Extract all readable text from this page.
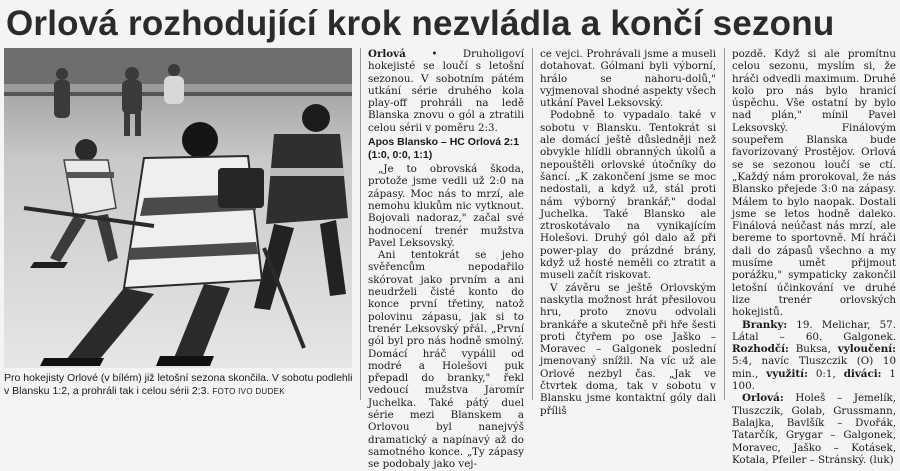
Orlová rozhodující krok nezvládla a končí sezonu
Pro hokejisty Orlové (v bílém) již letošní sezona skončila. V sobotu podlehli v Blansku 1:2, a prohráli tak i celou sérii 2:3. FOTO IVO DUDEK

Orlová • Druholigoví hokejisté se loučí s letošní sezonou. V sobotním pátém utkání série druhého kola play-off prohráli na ledě Blanska znovu o gól a ztratili celou sérii v poměru 2:3.

Apos Blansko – HC Orlová 2:1
(1:0, 0:0, 1:1)

„Je to obrovská škoda, protože jsme vedli už 2:0 na zápasy. Moc nás to mrzí, ale nemohu klukům nic vytknout. Bojovali nadoraz," začal své hodnocení trenér mužstva Pavel Leksovský.

Ani tentokrát se jeho svěřencům nepodařilo skórovat jako prvním a ani neudrželi čisté konto do konce první třetiny, natož polovinu zápasu, jak si to trenér Leksovský přál. „První gól byl pro nás hodně smolný. Domácí hráč vypálil od modré a Holešovi puk přepadl do branky," řekl vedoucí mužstva Jaromír Juchelka. Také pátý duel série mezi Blanskem a Orlovou byl nanejvýš dramatický a napínavý až do samotného konce. „Ty zápasy se podobaly jako vej-

ce vejci. Prohrávali jsme a museli dotahovat. Gólmani byli výborní, hrálo se nahoru-dolů," vyjmenoval shodné aspekty všech utkání Pavel Leksovský.

Podobně to vypadalo také v sobotu v Blansku. Tentokrát si ale domácí ještě důsledněji než obvykle hlídli obranných úkolů a nepouštěli orlovské útočníky do šancí. „K zakončení jsme se moc nedostali, a když už, stál proti nám výborný brankář," dodal Juchelka. Také Blansko ale ztroskotávalo na vynikajícím Holešovi. Druhý gól dalo až při power-play do prázdné brány, když už hosté neměli co ztratit a museli začít riskovat.

V závěru se ještě Orlovským naskytla možnost hrát přesilovou hru, proto znovu odvolali brankáře a skutečně při hře šesti proti čtyřem po ose Jaško – Moravec – Galgonek poslední jmenovaný snížil. Na víc už ale Orlové nezbyl čas. „Jak ve čtvrtek doma, tak v sobotu v Blansku jsme kontaktní góly dali příliš

pozdě. Když si ale promítnu celou sezonu, myslím si, že hráči odvedli maximum. Druhé kolo pro nás bylo hranicí úspěchu. Vše ostatní by bylo nad plán," mínil Pavel Leksovský. Finálovým soupeřem Blanska bude favorizovaný Prostějov. Orlová se se sezonou loučí se ctí. „Každý nám prorokoval, že nás Blansko přejede 3:0 na zápasy. Málem to bylo naopak. Dostali jsme se letos hodně daleko. Finálová neúčast nás mrzí, ale bereme to sportovně. Mí hráči dali do zápasů všechno a my musíme umět přijmout porážku," sympaticky zakončil letošní účinkování ve druhé lize trenér orlovských hokejistů.

Branky: 19. Melichar, 57. Látal – 60. Galgonek. Rozhodčí: Buksa, vyloučení: 5:4, navíc Tluszczik (O) 10 min., využití: 0:1, diváci: 1 100.

Orlová: Holeš – Jemelík, Tluszczik, Golab, Grussmann, Balajka, Bavlšík – Dvořák, Tatarčík, Grygar – Galgonek, Moravec, Jaško – Kotásek, Kotala, Pfeiler – Stránský. (luk)
